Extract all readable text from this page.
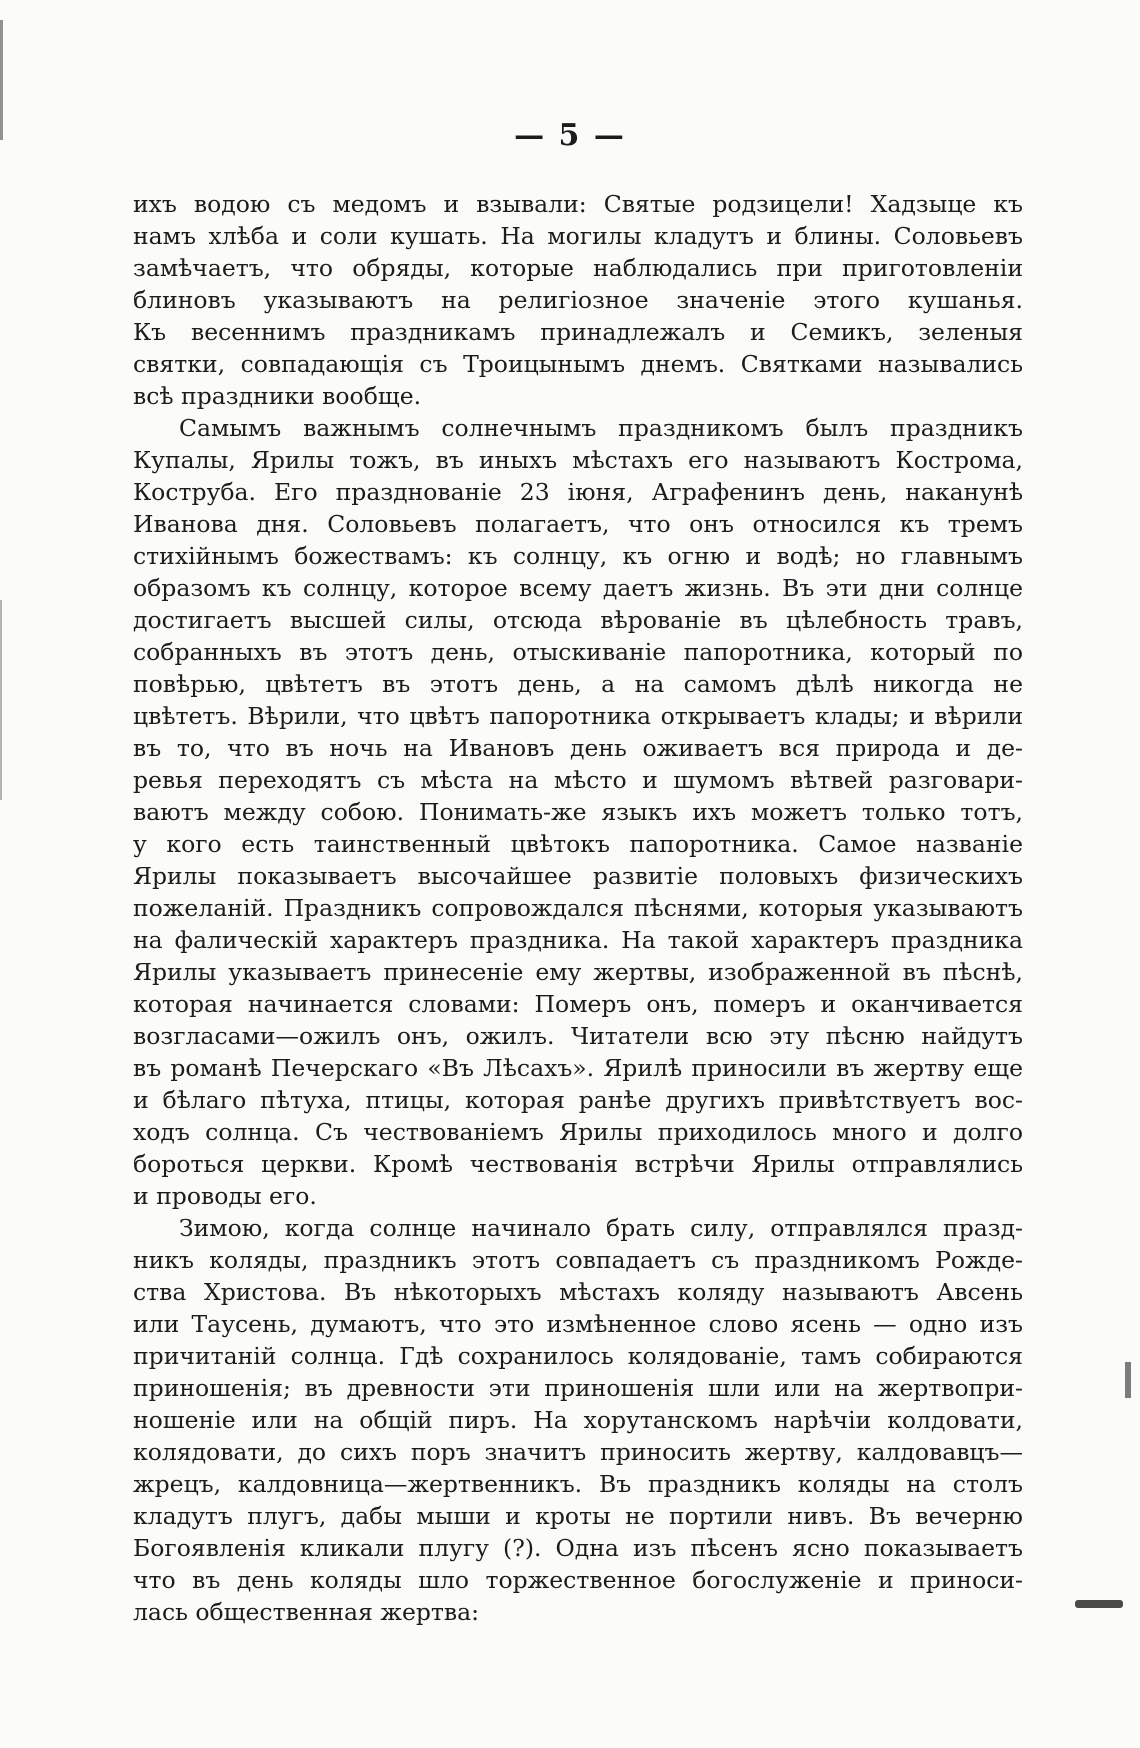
— 5 —
ихъ водою съ медомъ и взывали: Святые родзицели! Хадзыце къ
намъ хлѣба и соли кушать. На могилы кладутъ и блины. Соловьевъ
замѣчаетъ, что обряды, которые наблюдались при приготовленіи
блиновъ указываютъ на религіозное значеніе этого кушанья.
Къ весеннимъ праздникамъ принадлежалъ и Семикъ, зеленыя
святки, совпадающія съ Троицынымъ днемъ. Святками назывались
всѣ праздники вообще.
Самымъ важнымъ солнечнымъ праздникомъ былъ праздникъ
Купалы, Ярилы тожъ, въ иныхъ мѣстахъ его называютъ Кострома,
Коструба. Его празднованіе 23 іюня, Аграфенинъ день, наканунѣ
Иванова дня. Соловьевъ полагаетъ, что онъ относился къ тремъ
стихійнымъ божествамъ: къ солнцу, къ огню и водѣ; но главнымъ
образомъ къ солнцу, которое всему даетъ жизнь. Въ эти дни солнце
достигаетъ высшей силы, отсюда вѣрованіе въ цѣлебность травъ,
собранныхъ въ этотъ день, отыскиваніе папоротника, который по
повѣрью, цвѣтетъ въ этотъ день, а на самомъ дѣлѣ никогда не
цвѣтетъ. Вѣрили, что цвѣтъ папоротника открываетъ клады; и вѣрили
въ то, что въ ночь на Ивановъ день оживаетъ вся природа и де-
ревья переходятъ съ мѣста на мѣсто и шумомъ вѣтвей разговари-
ваютъ между собою. Понимать-же языкъ ихъ можетъ только тотъ,
у кого есть таинственный цвѣтокъ папоротника. Самое названіе
Ярилы показываетъ высочайшее развитіе половыхъ физическихъ
пожеланій. Праздникъ сопровождался пѣснями, которыя указываютъ
на фалическій характеръ праздника. На такой характеръ праздника
Ярилы указываетъ принесеніе ему жертвы, изображенной въ пѣснѣ,
которая начинается словами: Померъ онъ, померъ и оканчивается
возгласами—ожилъ онъ, ожилъ. Читатели всю эту пѣсню найдутъ
въ романѣ Печерскаго «Въ Лѣсахъ». Ярилѣ приносили въ жертву еще
и бѣлаго пѣтуха, птицы, которая ранѣе другихъ привѣтствуетъ вос-
ходъ солнца. Съ чествованіемъ Ярилы приходилось много и долго
бороться церкви. Кромѣ чествованія встрѣчи Ярилы отправлялись
и проводы его.
Зимою, когда солнце начинало брать силу, отправлялся празд-
никъ коляды, праздникъ этотъ совпадаетъ съ праздникомъ Рожде-
ства Христова. Въ нѣкоторыхъ мѣстахъ коляду называютъ Авсень
или Таусень, думаютъ, что это измѣненное слово ясень — одно изъ
причитаній солнца. Гдѣ сохранилось колядованіе, тамъ собираются
приношенія; въ древности эти приношенія шли или на жертвопри-
ношеніе или на общій пиръ. На хорутанскомъ нарѣчіи колдовати,
колядовати, до сихъ поръ значитъ приносить жертву, калдовавцъ—
жрецъ, калдовница—жертвенникъ. Въ праздникъ коляды на столъ
кладутъ плугъ, дабы мыши и кроты не портили нивъ. Въ вечерню
Богоявленія кликали плугу (?). Одна изъ пѣсенъ ясно показываетъ
что въ день коляды шло торжественное богослуженіе и приноси-
лась общественная жертва:
